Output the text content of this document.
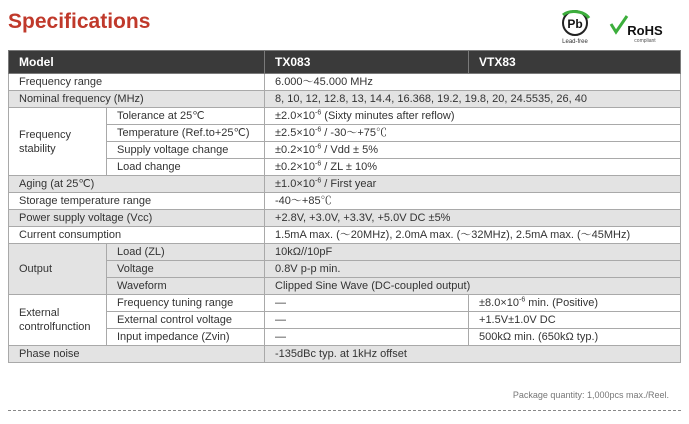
Specifications	Pb
Lead-free
RoHS
compliant
Model		TX083	VTX83
Frequency range		6.000～45.000 MHz	
Nominal frequency (MHz)		8, 10, 12, 12.8, 13, 14.4, 16.368, 19.2, 19.8, 20, 24.5535, 26, 40	
Frequency
stability	Tolerance at 25℃	$\pm 2.0\times 10^{-6}$ (Sixty minutes after reflow)	
	Temperature (Ref.to+25℃)	$\pm 2.5\times 10^{-6}$ / -30～+75℃	
	Supply voltage change	$\pm 0.2\times 10^{-6}$ / Vdd ± 5%	
	Load change	$\pm 0.2\times 10^{-6}$ / ZL ± 10%	
Aging (at 25℃)		$\pm 1.0\times 10^{-6}$ / First year	
Storage temperature range		-40～+85℃	
Power supply voltage (Vcc)		+2.8V, +3.0V, +3.3V, +5.0V DC ±5%	
Current consumption		1.5mA max. (～20MHz), 2.0mA max. (～32MHz), 2.5mA max. (～45MHz)	
Output	Load (ZL)	10kΩ//10pF	
	Voltage	0.8V p-p min.	
	Waveform	Clipped Sine Wave (DC-coupled output)	
External
controlfunction	Frequency tuning range	—	$\pm 8.0\times 10^{-6}$ min. (Positive)
	External control voltage	—	+1.5V±1.0V DC
	Input impedance (Zvin)	—	500kΩ min. (650kΩ typ.)
Phase noise		-135dBc typ. at 1kHz offset	
Package quantity: 1,000pcs max./Reel.
